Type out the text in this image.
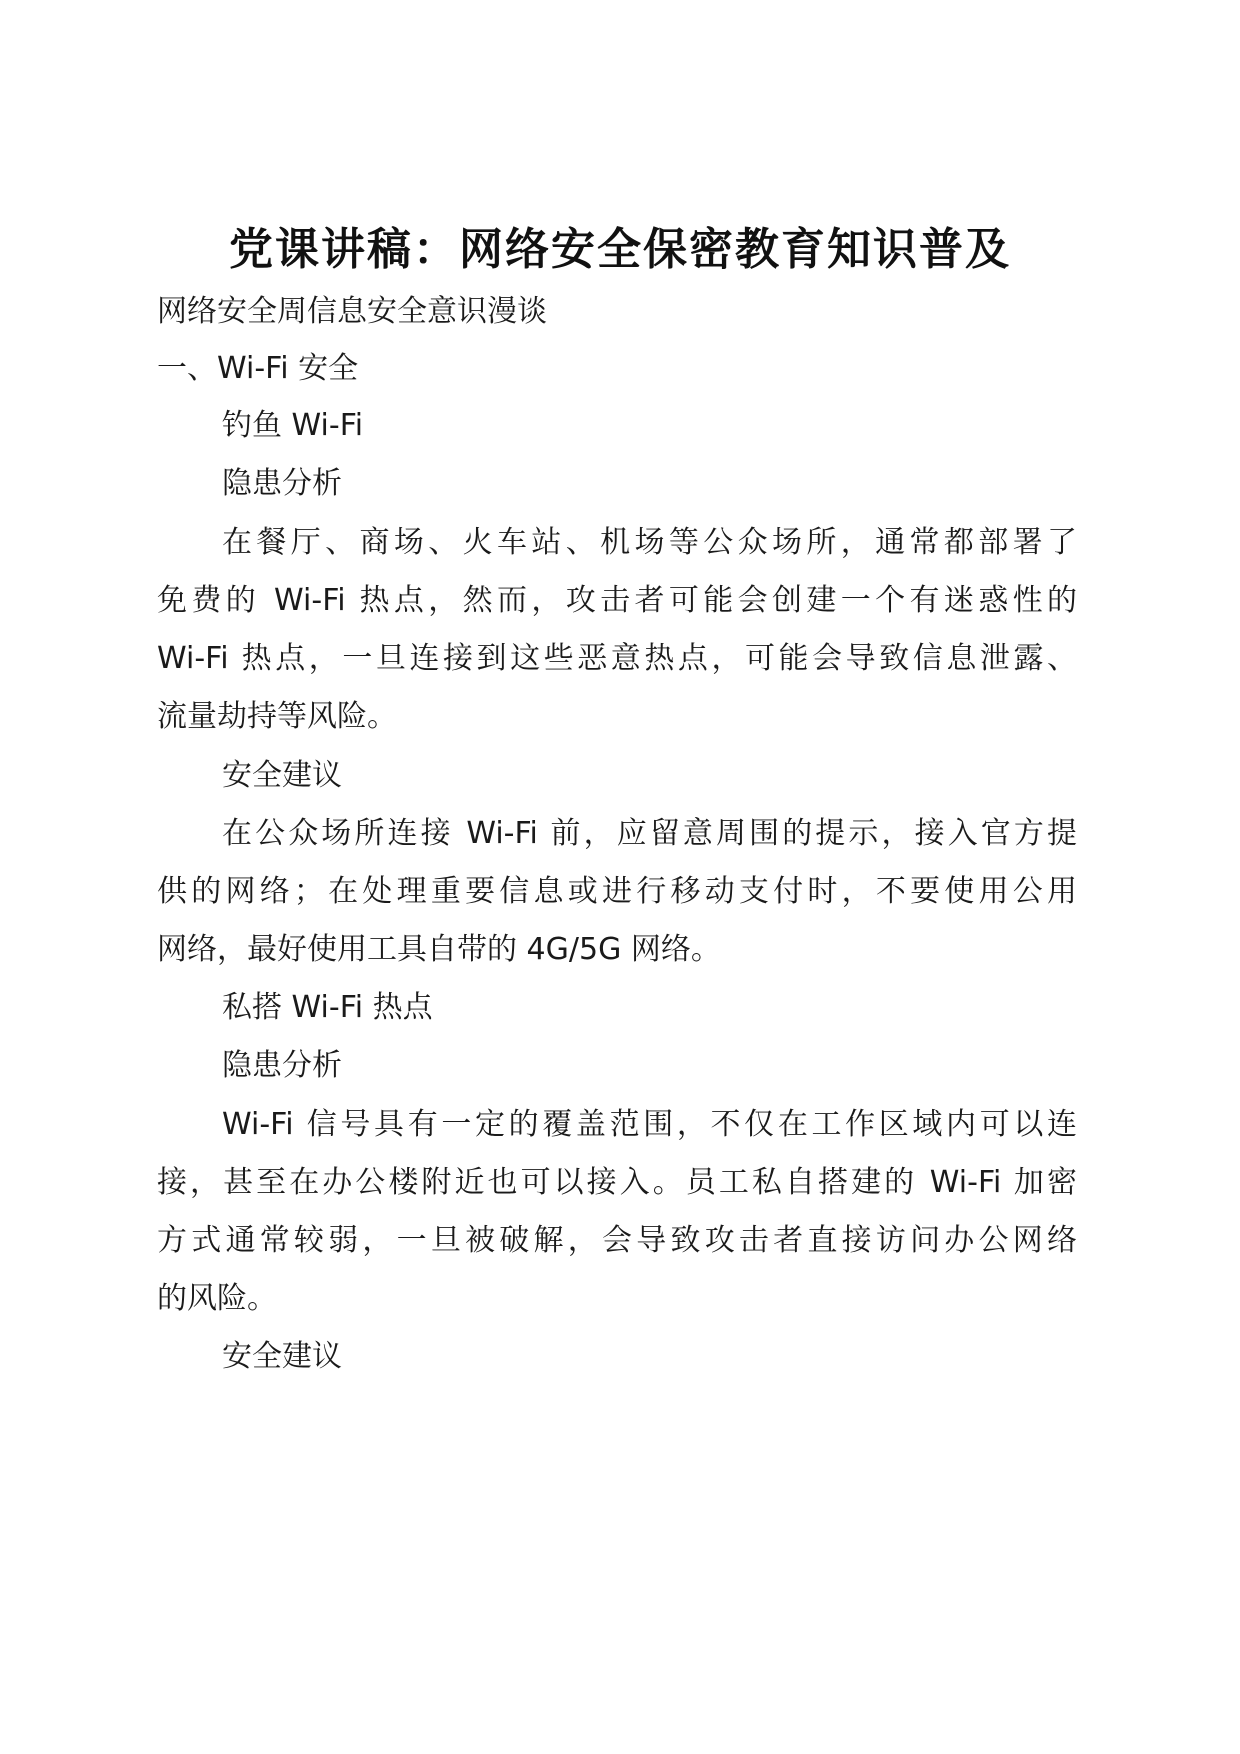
党课讲稿：网络安全保密教育知识普及
网络安全周信息安全意识漫谈
一、Wi-Fi 安全
钓鱼 Wi-Fi
隐患分析
在餐厅、商场、火车站、机场等公众场所，通常都部署了
免费的 Wi-Fi 热点，然而，攻击者可能会创建一个有迷惑性的
Wi-Fi 热点，一旦连接到这些恶意热点，可能会导致信息泄露、
流量劫持等风险。
安全建议
在公众场所连接 Wi-Fi 前，应留意周围的提示，接入官方提
供的网络；在处理重要信息或进行移动支付时，不要使用公用
网络，最好使用工具自带的 4G/5G 网络。
私搭 Wi-Fi 热点
隐患分析
Wi-Fi 信号具有一定的覆盖范围，不仅在工作区域内可以连
接，甚至在办公楼附近也可以接入。员工私自搭建的 Wi-Fi 加密
方式通常较弱，一旦被破解，会导致攻击者直接访问办公网络
的风险。
安全建议
